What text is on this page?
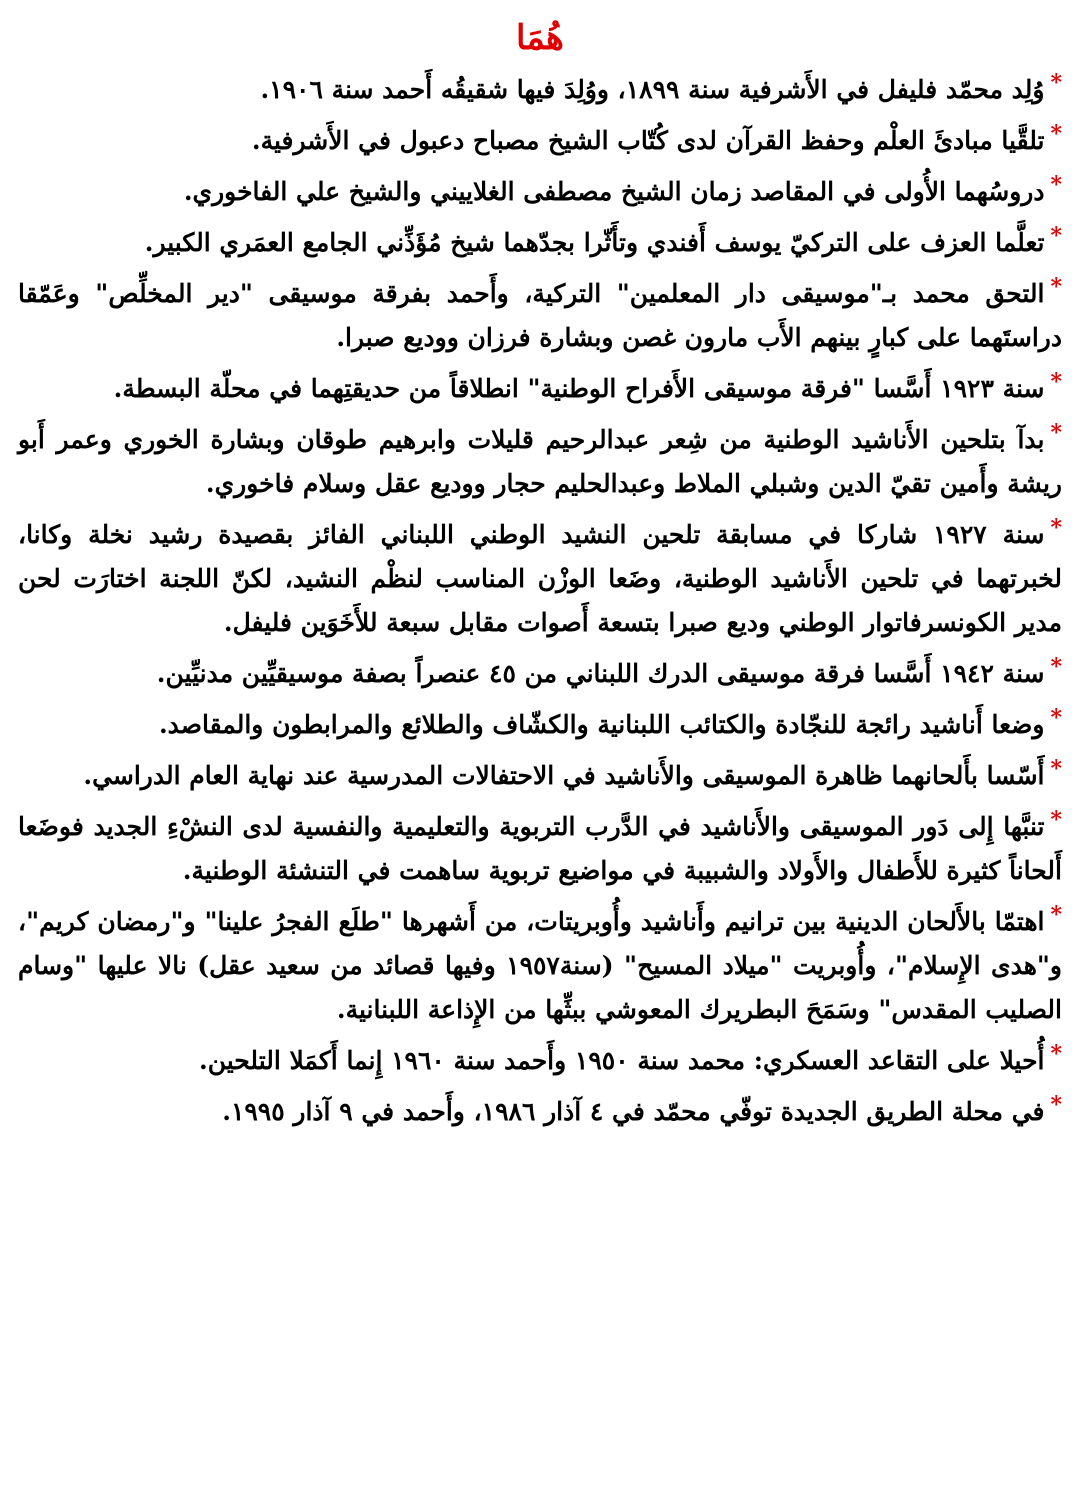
هُمَا
*وُلِد محمّد فليفل في الأَشرفية سنة ١٨٩٩، ووُلِدَ فيها شقيقُه أَحمد سنة ١٩٠٦.
*تلقَّيا مبادئَ العلْم وحفظ القرآن لدى كُتّاب الشيخ مصباح دعبول في الأَشرفية.
*دروسُهما الأُولى في المقاصد زمان الشيخ مصطفى الغلاييني والشيخ علي الفاخوري.
*تعلَّما العزف على التركيّ يوسف أَفندي وتأَثّرا بجدّهما شيخ مُؤَذِّني الجامع العمَري الكبير.
*التحق محمد بـ"موسيقى دار المعلمين" التركية، وأَحمد بفرقة موسيقى "دير المخلِّص" وعَمّقا دراستَهما على كبارٍ بينهم الأَب مارون غصن وبشارة فرزان ووديع صبرا.
*سنة ١٩٢٣ أَسَّسا "فرقة موسيقى الأَفراح الوطنية" انطلاقاً من حديقتِهما في محلّة البسطة.
*بدآ بتلحين الأَناشيد الوطنية من شِعر عبدالرحيم قليلات وابرهيم طوقان وبشارة الخوري وعمر أَبو ريشة وأَمين تقيّ الدين وشبلي الملاط وعبدالحليم حجار ووديع عقل وسلام فاخوري.
*سنة ١٩٢٧ شاركا في مسابقة تلحين النشيد الوطني اللبناني الفائز بقصيدة رشيد نخلة وكانا، لخبرتهما في تلحين الأَناشيد الوطنية، وضَعا الوزْن المناسب لنظْم النشيد، لكنّ اللجنة اختارَت لحن مدير الكونسرفاتوار الوطني وديع صبرا بتسعة أَصوات مقابل سبعة للأَخَوَين فليفل.
*سنة ١٩٤٢ أَسَّسا فرقة موسيقى الدرك اللبناني من ٤٥ عنصراً بصفة موسيقيِّين مدنيِّين.
*وضعا أَناشيد رائجة للنجّادة والكتائب اللبنانية والكشّاف والطلائع والمرابطون والمقاصد.
*أَسّسا بأَلحانهما ظاهرة الموسيقى والأَناشيد في الاحتفالات المدرسية عند نهاية العام الدراسي.
*تنبَّها إِلى دَور الموسيقى والأَناشيد في الدَّرب التربوية والتعليمية والنفسية لدى النشْءِ الجديد فوضَعا أَلحاناً كثيرة للأَطفال والأَولاد والشبيبة في مواضيع تربوية ساهمت في التنشئة الوطنية.
*اهتمّا بالأَلحان الدينية بين ترانيم وأَناشيد وأُوبريتات، من أَشهرها "طلَع الفجرُ علينا" و"رمضان كريم"، و"هدى الإِسلام"، وأُوبريت "ميلاد المسيح" (سنة١٩٥٧ وفيها قصائد من سعيد عقل) نالا عليها "وسام الصليب المقدس" وسَمَحَ البطريرك المعوشي ببثِّها من الإِذاعة اللبنانية.
*أُحيلا على التقاعد العسكري: محمد سنة ١٩٥٠ وأَحمد سنة ١٩٦٠ إِنما أَكمَلا التلحين.
*في محلة الطريق الجديدة توفّي محمّد في ٤ آذار ١٩٨٦، وأَحمد في ٩ آذار ١٩٩٥.
